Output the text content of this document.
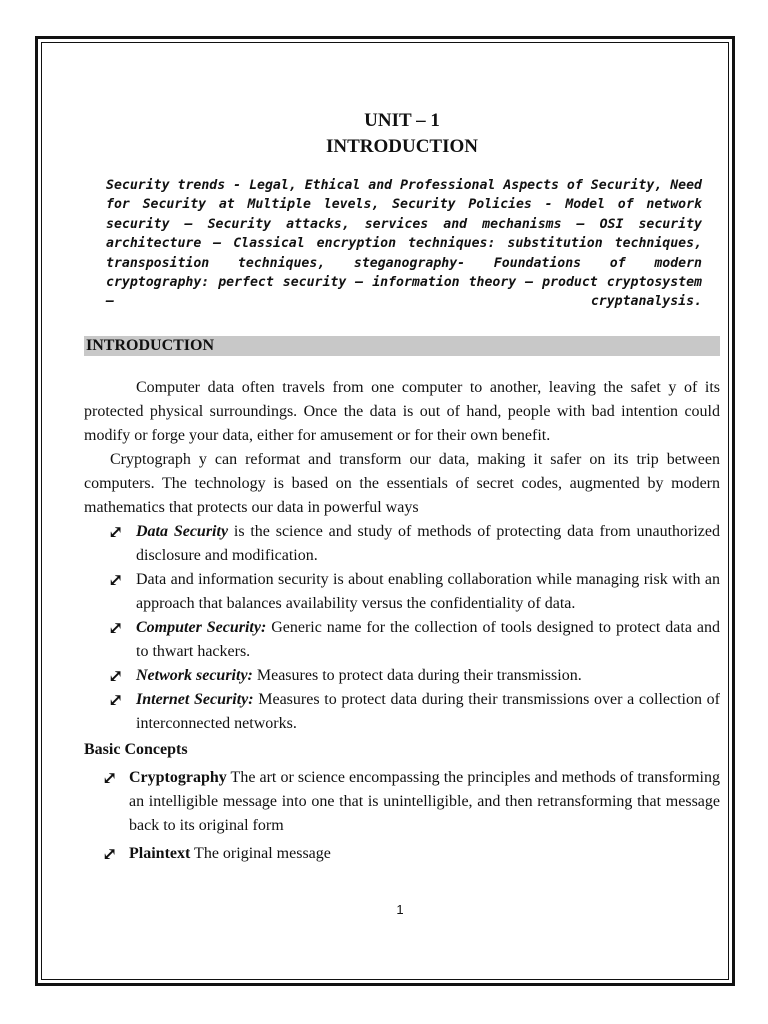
UNIT – 1
INTRODUCTION
Security trends - Legal, Ethical and Professional Aspects of Security, Need for Security at Multiple levels, Security Policies - Model of network security – Security attacks, services and mechanisms – OSI security architecture – Classical encryption techniques: substitution techniques, transposition techniques, steganography- Foundations of modern cryptography: perfect security – information theory – product cryptosystem – cryptanalysis.
INTRODUCTION

Computer data often travels from one computer to another, leaving the safet y of its protected physical surroundings. Once the data is out of hand, people with bad intention could modify or forge your data, either for amusement or for their own benefit.

Cryptograph y can reformat and transform our data, making it safer on its trip between computers. The technology is based on the essentials of secret codes, augmented by modern mathematics that protects our data in powerful ways

⤢ Data Security is the science and study of methods of protecting data from unauthorized disclosure and modification.
⤢ Data and information security is about enabling collaboration while managing risk with an approach that balances availability versus the confidentiality of data.
⤢ Computer Security: Generic name for the collection of tools designed to protect data and to thwart hackers.
⤢ Network security: Measures to protect data during their transmission.
⤢ Internet Security: Measures to protect data during their transmissions over a collection of interconnected networks.
Basic Concepts
⤢ Cryptography The art or science encompassing the principles and methods of transforming an intelligible message into one that is unintelligible, and then retransforming that message back to its original form
⤢ Plaintext The original message
1
